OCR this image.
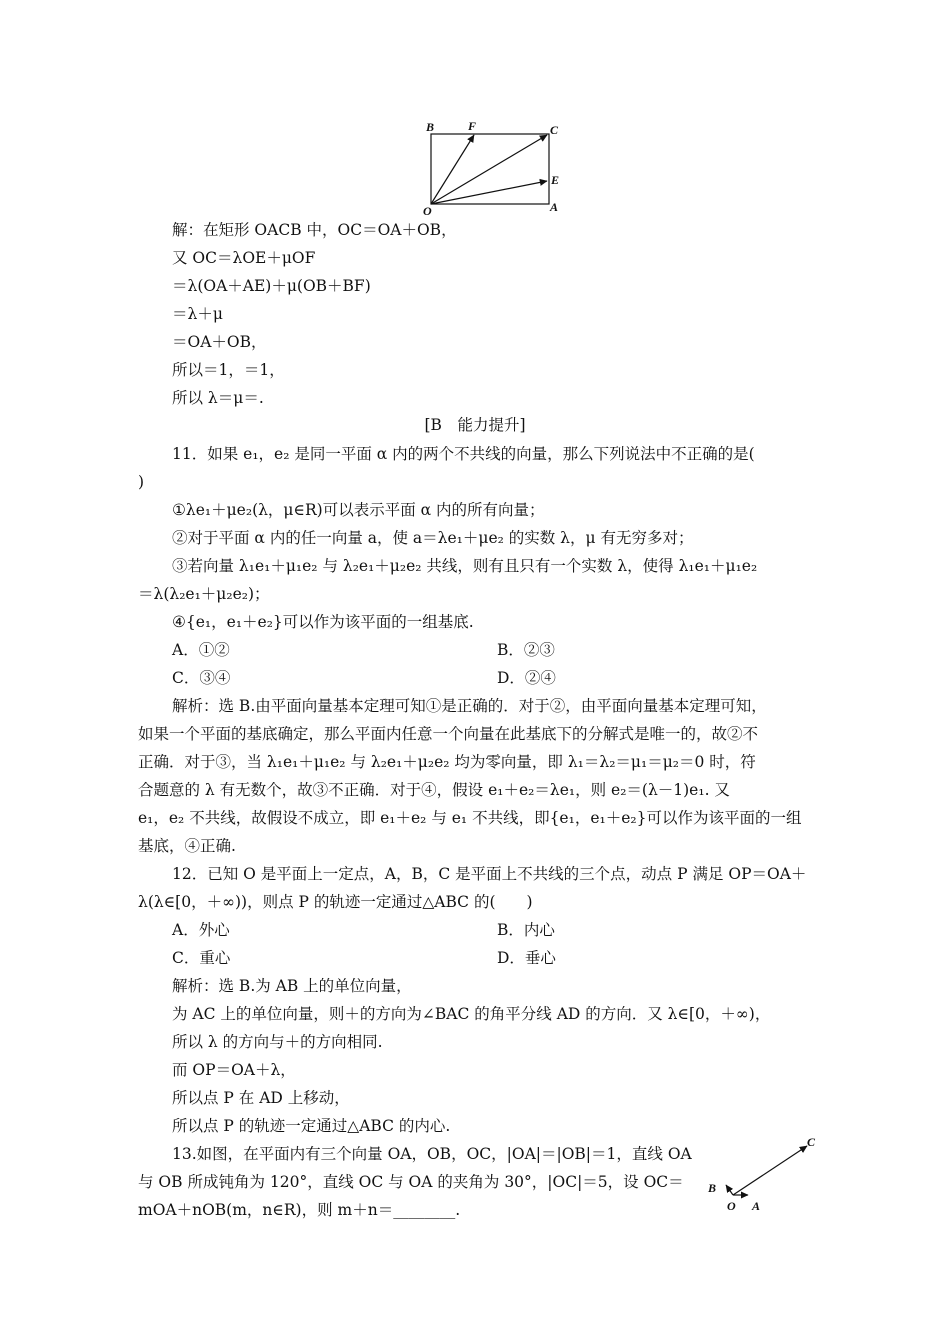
B	F	C
E
O	A
解：在矩形 OACB 中，OC＝OA＋OB，
又 OC＝λOE＋μOF
＝λ(OA＋AE)＋μ(OB＋BF)
＝λ＋μ
＝OA＋OB，
所以＝1，＝1，
所以 λ＝μ＝.
[B　能力提升]
11．如果 e₁，e₂ 是同一平面 α 内的两个不共线的向量，那么下列说法中不正确的是(
)
①λe₁＋μe₂(λ，μ∈R)可以表示平面 α 内的所有向量；
②对于平面 α 内的任一向量 a，使 a＝λe₁＋μe₂ 的实数 λ，μ 有无穷多对；
③若向量 λ₁e₁＋μ₁e₂ 与 λ₂e₁＋μ₂e₂ 共线，则有且只有一个实数 λ，使得 λ₁e₁＋μ₁e₂
＝λ(λ₂e₁＋μ₂e₂)；
④{e₁，e₁＋e₂}可以作为该平面的一组基底.
A．①②	B．②③
C．③④	D．②④
解析：选 B.由平面向量基本定理可知①是正确的．对于②，由平面向量基本定理可知，
如果一个平面的基底确定，那么平面内任意一个向量在此基底下的分解式是唯一的，故②不
正确．对于③，当 λ₁e₁＋μ₁e₂ 与 λ₂e₁＋μ₂e₂ 均为零向量，即 λ₁＝λ₂＝μ₁＝μ₂＝0 时，符
合题意的 λ 有无数个，故③不正确．对于④，假设 e₁＋e₂＝λe₁，则 e₂＝(λ－1)e₁. 又
e₁，e₂ 不共线，故假设不成立，即 e₁＋e₂ 与 e₁ 不共线，即{e₁，e₁＋e₂}可以作为该平面的一组
基底，④正确.
12．已知 O 是平面上一定点，A，B，C 是平面上不共线的三个点，动点 P 满足 OP＝OA＋
λ(λ∈[0，＋∞))，则点 P 的轨迹一定通过△ABC 的(　　)
A．外心	B．内心
C．重心	D．垂心
解析：选 B.为 AB 上的单位向量，
为 AC 上的单位向量，则＋的方向为∠BAC 的角平分线 AD 的方向．又 λ∈[0，＋∞)，
所以 λ 的方向与＋的方向相同.
而 OP＝OA＋λ，
所以点 P 在 AD 上移动，
所以点 P 的轨迹一定通过△ABC 的内心.
13.如图，在平面内有三个向量 OA，OB，OC，|OA|＝|OB|＝1，直线 OA
与 OB 所成钝角为 120°，直线 OC 与 OA 的夹角为 30°，|OC|＝5，设 OC＝
mOA＋nOB(m，n∈R)，则 m＋n＝________.
C
B
O A
